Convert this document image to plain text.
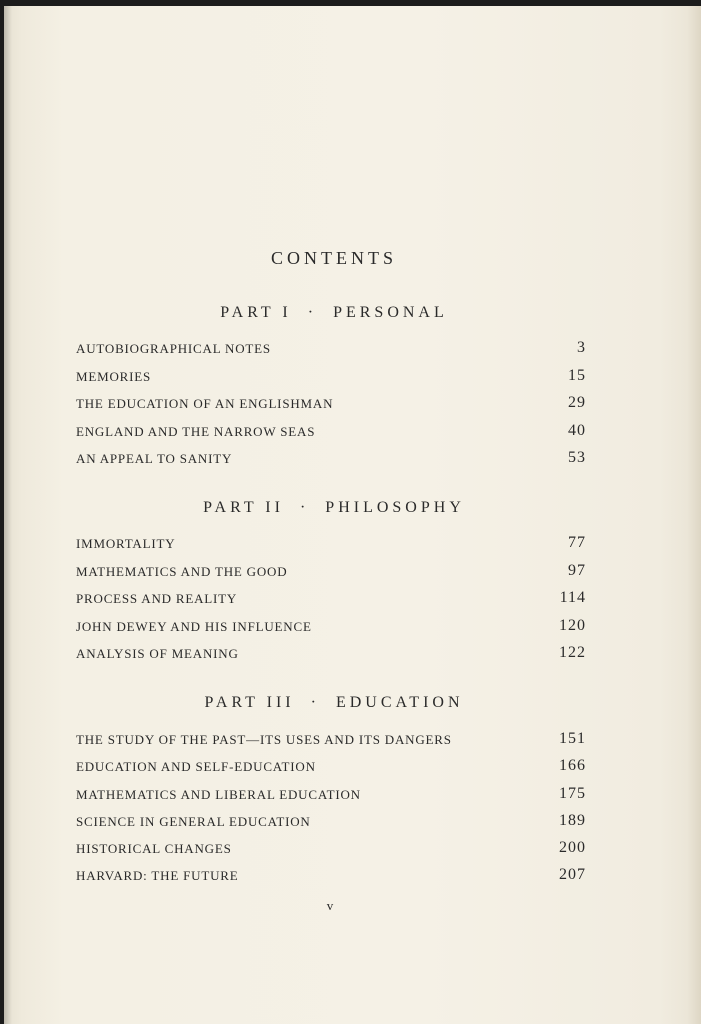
CONTENTS
PART I · PERSONAL
AUTOBIOGRAPHICAL NOTES	3
MEMORIES	15
THE EDUCATION OF AN ENGLISHMAN	29
ENGLAND AND THE NARROW SEAS	40
AN APPEAL TO SANITY	53
PART II · PHILOSOPHY
IMMORTALITY	77
MATHEMATICS AND THE GOOD	97
PROCESS AND REALITY	114
JOHN DEWEY AND HIS INFLUENCE	120
ANALYSIS OF MEANING	122
PART III · EDUCATION
THE STUDY OF THE PAST—ITS USES AND ITS DANGERS	151
EDUCATION AND SELF-EDUCATION	166
MATHEMATICS AND LIBERAL EDUCATION	175
SCIENCE IN GENERAL EDUCATION	189
HISTORICAL CHANGES	200
HARVARD: THE FUTURE	207
v
